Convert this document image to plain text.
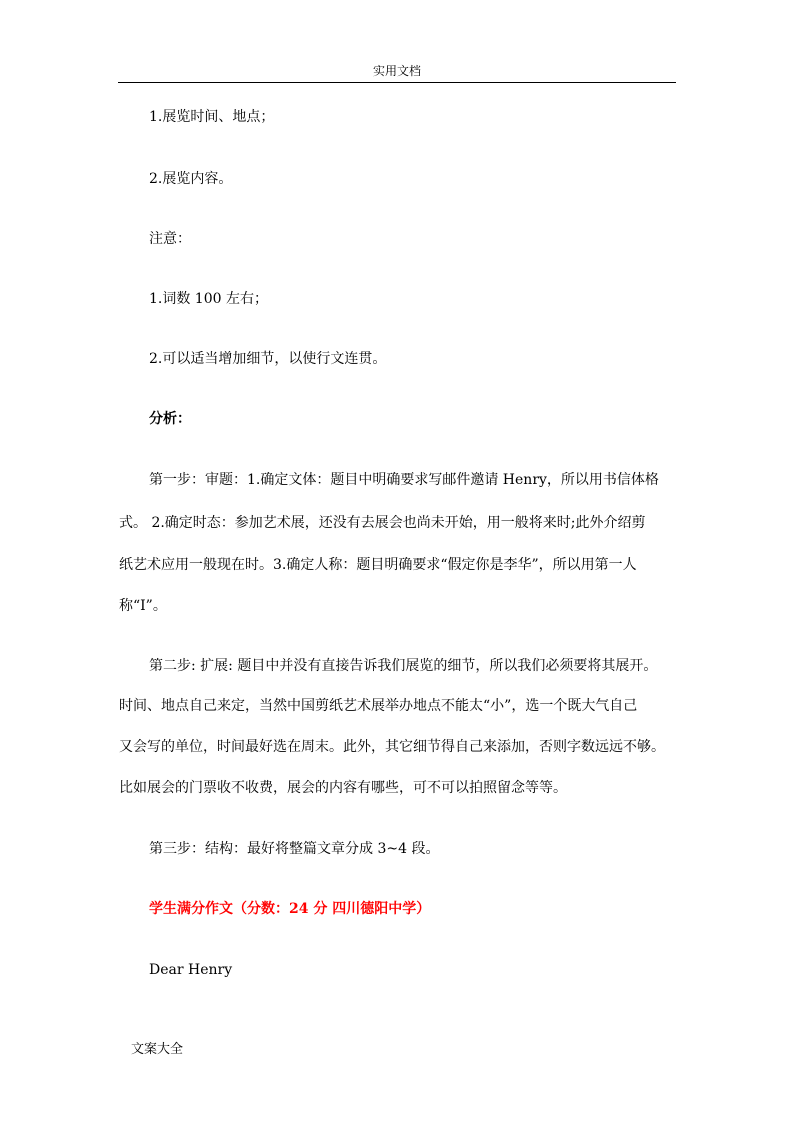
实用文档
1.展览时间、地点；
2.展览内容。
注意：
1.词数 100 左右；
2.可以适当增加细节，以使行文连贯。
分析：
第一步：审题：1.确定文体：题目中明确要求写邮件邀请 Henry，所以用书信体格
式。 2.确定时态：参加艺术展，还没有去展会也尚未开始，用一般将来时;此外介绍剪
纸艺术应用一般现在时。3.确定人称：题目明确要求“假定你是李华”，所以用第一人
称“I”。
第二步: 扩展: 题目中并没有直接告诉我们展览的细节，所以我们必须要将其展开。
时间、地点自己来定，当然中国剪纸艺术展举办地点不能太“小”，选一个既大气自己
又会写的单位，时间最好选在周末。此外，其它细节得自己来添加，否则字数远远不够。
比如展会的门票收不收费，展会的内容有哪些，可不可以拍照留念等等。
第三步：结构：最好将整篇文章分成 3~4 段。
学生满分作文（分数：24 分 四川德阳中学）
Dear Henry
文案大全
